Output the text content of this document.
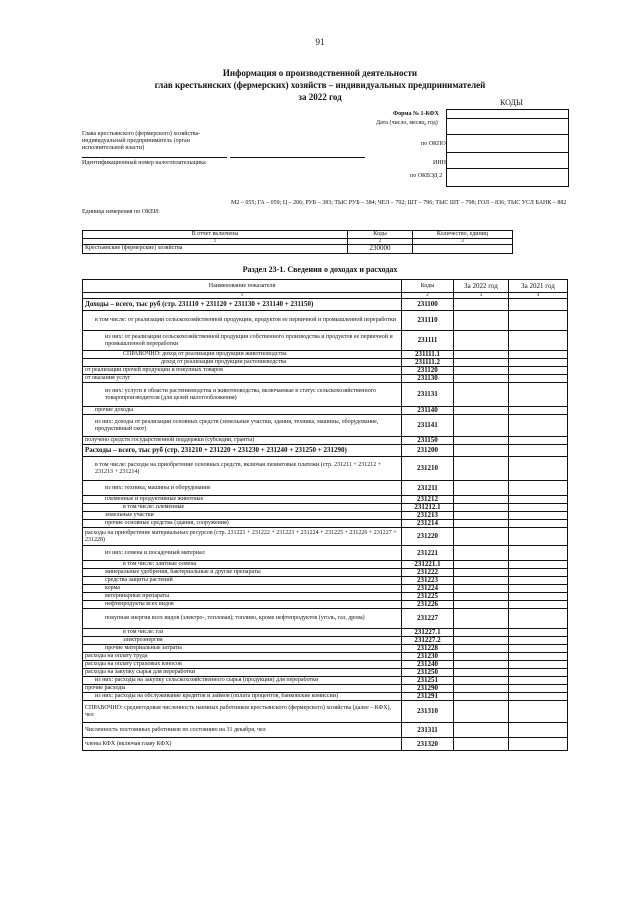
91
Информация о производственной деятельности
глав крестьянских (фермерских) хозяйств – индивидуальных предпринимателей
за 2022 год
КОДЫ
Форма № 1-КФХ
Дата (число, месяц, год)
по ОКПО
ИНН
по ОКВЭД 2
Глава крестьянского (фермерского) хозяйства-индивидуальный предприниматель (орган исполнительной власти)
Идентификационный номер налогоплательщика
Единица измерения по ОКЕИ:
М2 – 055; ГА – 059; Ц – 206; РУБ – 383; ТЫС РУБ – 384; ЧЕЛ – 792; ШТ – 796; ТЫС ШТ – 798; ГОЛ – 836; ТЫС УСЛ БАНК – 882
В отчет включены	Коды	Количество, единиц
1	2	3
Крестьянские (фермерские) хозяйства	230000	
Раздел 23-1. Сведения о доходах и расходах
Наименование показателя	Коды	За 2022 год	За 2021 год
1	2	3	4
Доходы – всего, тыс руб (стр. 231110 + 231120 + 231130 + 231140 + 231150)	231100		
в том числе: от реализации сельскохозяйственной продукции, продуктов ее первичной и промышленной переработки	231110		
из них: от реализации сельскохозяйственной продукции собственного производства и продуктов ее первичной и промышленной переработки	231111		
СПРАВОЧНО: доход от реализации продукции животноводства	231111.1		
доход от реализации продукции растениеводства	231111.2		
от реализации прочей продукции и покупных товаров	231120		
от оказания услуг	231130		
из них: услуги в области растениеводства и животноводства, включаемые в статус сельскохозяйственного товаропроизводителя (для целей налогообложения)	231131		
прочие доходы	231140		
из них: доходы от реализации основных средств (земельные участки, здания, техника, машины, оборудование, продуктивный скот)	231141		
получено средств государственной поддержки (субсидии, гранты)	231150		
Расходы – всего, тыс руб (стр. 231210 + 231220 + 231230 + 231240 + 231250 + 231290)	231200		
в том числе: расходы на приобретение основных средств, включая лизинговые платежи (стр. 231211 + 231212 + 231213 + 231214)	231210		
из них: техника, машины и оборудование	231211		
племенные и продуктивные животные	231212		
в том числе: племенные	231212.1		
земельные участки	231213		
прочие основные средства (здания, сооружения)	231214		
расходы на приобретение материальных ресурсов (стр. 231221 + 231222 + 231223 + 231224 + 231225 + 231226 + 231227 + 231228)	231220		
из них: семена и посадочный материал	231221		
в том числе: элитные семена	231221.1		
минеральные удобрения, бактериальные и другие препараты	231222		
средства защиты растений	231223		
корма	231224		
ветеринарные препараты	231225		
нефтепродукты всех видов	231226		
покупная энергия всех видов (электро-, тепловая); топливо, кроме нефтепродуктов (уголь, газ, дрова)	231227		
в том числе: газ	231227.1		
электроэнергия	231227.2		
прочие материальные затраты	231228		
расходы на оплату труда	231230		
расходы на оплату страховых взносов	231240		
расходы на закупку сырья для переработки	231250		
из них: расходы на закупку сельскохозяйственного сырья (продукции) для переработки	231251		
прочие расходы	231290		
из них: расходы на обслуживание кредитов и займов (оплата процентов, банковские комиссии)	231291		
СПРАВОЧНО: среднегодовая численность наемных работников крестьянского (фермерского) хозяйства (далее – КФХ), чел	231310		
Численность постоянных работников по состоянию на 31 декабря, чел	231311		
члены КФХ (включая главу КФХ)	231320		
